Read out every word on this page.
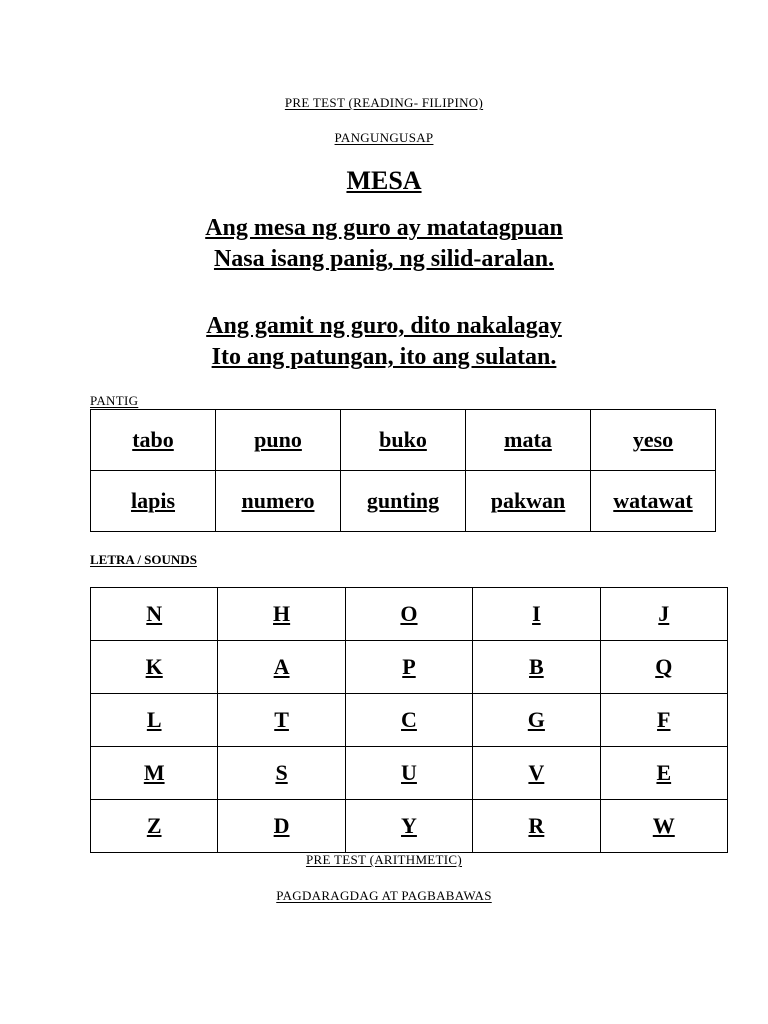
PRE TEST (READING- FILIPINO)
PANGUNGUSAP
MESA
Ang mesa ng guro ay matatagpuan
Nasa isang panig, ng silid-aralan.
Ang gamit ng guro, dito nakalagay
Ito ang patungan, ito ang sulatan.
PANTIG
tabo	puno	buko	mata	yeso
lapis	numero	gunting	pakwan	watawat
LETRA / SOUNDS
N	H	O	I	J
K	A	P	B	Q
L	T	C	G	F
M	S	U	V	E
Z	D	Y	R	W
PRE TEST (ARITHMETIC)
PAGDARAGDAG AT PAGBABAWAS
